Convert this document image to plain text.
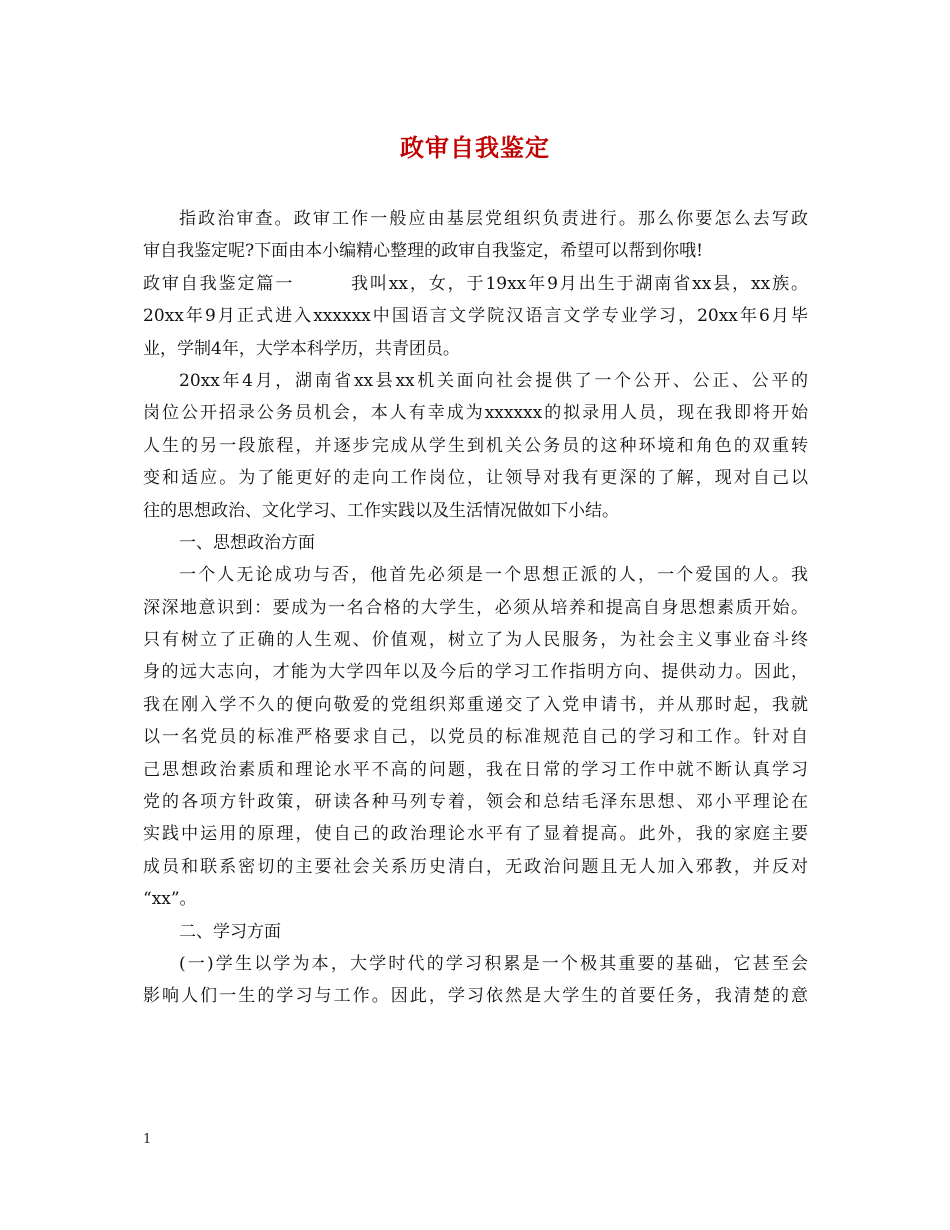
政审自我鉴定
指政治审查。政审工作一般应由基层党组织负责进行。那么你要怎么去写政
审自我鉴定呢?下面由本小编精心整理的政审自我鉴定，希望可以帮到你哦!
政审自我鉴定篇一　　　我叫xx，女，于19xx年9月出生于湖南省xx县，xx族。
20xx年9月正式进入xxxxxx中国语言文学院汉语言文学专业学习，20xx年6月毕
业，学制4年，大学本科学历，共青团员。
20xx年4月，湖南省xx县xx机关面向社会提供了一个公开、公正、公平的
岗位公开招录公务员机会，本人有幸成为xxxxxx的拟录用人员，现在我即将开始
人生的另一段旅程，并逐步完成从学生到机关公务员的这种环境和角色的双重转
变和适应。为了能更好的走向工作岗位，让领导对我有更深的了解，现对自己以
往的思想政治、文化学习、工作实践以及生活情况做如下小结。
一、思想政治方面
一个人无论成功与否，他首先必须是一个思想正派的人，一个爱国的人。我
深深地意识到：要成为一名合格的大学生，必须从培养和提高自身思想素质开始。
只有树立了正确的人生观、价值观，树立了为人民服务，为社会主义事业奋斗终
身的远大志向，才能为大学四年以及今后的学习工作指明方向、提供动力。因此，
我在刚入学不久的便向敬爱的党组织郑重递交了入党申请书，并从那时起，我就
以一名党员的标准严格要求自己，以党员的标准规范自己的学习和工作。针对自
己思想政治素质和理论水平不高的问题，我在日常的学习工作中就不断认真学习
党的各项方针政策，研读各种马列专着，领会和总结毛泽东思想、邓小平理论在
实践中运用的原理，使自己的政治理论水平有了显着提高。此外，我的家庭主要
成员和联系密切的主要社会关系历史清白，无政治问题且无人加入邪教，并反对
“xx”。
二、学习方面
(一)学生以学为本，大学时代的学习积累是一个极其重要的基础，它甚至会
影响人们一生的学习与工作。因此，学习依然是大学生的首要任务，我清楚的意
1
